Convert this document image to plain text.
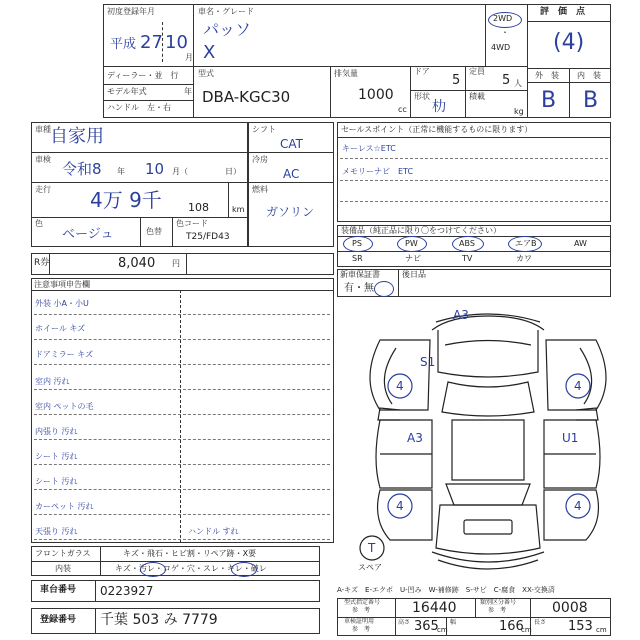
初度登録年月
平成 27 10
月
車名・グレード
パッソ
X
2WD
・
4WD
評　価　点
(4)
外　装 内　装
B B
ディーラー・並　行
モデル年式	年
ハンドル　左・右
型式
DBA-KGC30
排気量
1000
cc
ドア
5
定員
5 人
形状
朸
積載
kg
車種 自家用
車検
令和8 年 10 月（	日）
走行 4万 9千 108	km
色
ベージュ	色替
色コード
T25/FD43
シフト
CAT
冷房
AC
燃料
ガソリン
R券	8,040 円
セールスポイント（正常に機能するものに限ります）
キーレス☆ETC
メモリーナビ　ETC
装備品（純正品に限り〇をつけてください）
PS	PW	ABS	エアB	AW
SR	ナビ	TV	カワ
新車保証書
有・無
後日品
注意事項申告欄
外装 小A・小U
ホイール キズ
ドアミラー キズ
室内 汚れ
室内 ペットの毛
内張り 汚れ
シート 汚れ
シート 汚れ
カーペット 汚れ
天張り 汚れ	ハンドル すれ
フロントガラス	キズ・飛石・ヒビ割・リペア跡・X要
内装	キズ・汚レ・コゲ・穴・スレ・キレ・破レ
車台番号 0223927
登録番号 千葉 503 み 7779
A3
S1
4	4
A3	U1
4	4
T
スペア
A-キズ　E-エクボ　U-凹み　W-補修跡　S-サビ　C-腐食　XX-交換済
型式指定番号
参　考	16440	類別区分番号
参　考	0008
車検証明用
参　考
高さ 365
cm
幅	166
cm
長さ 153 cm
